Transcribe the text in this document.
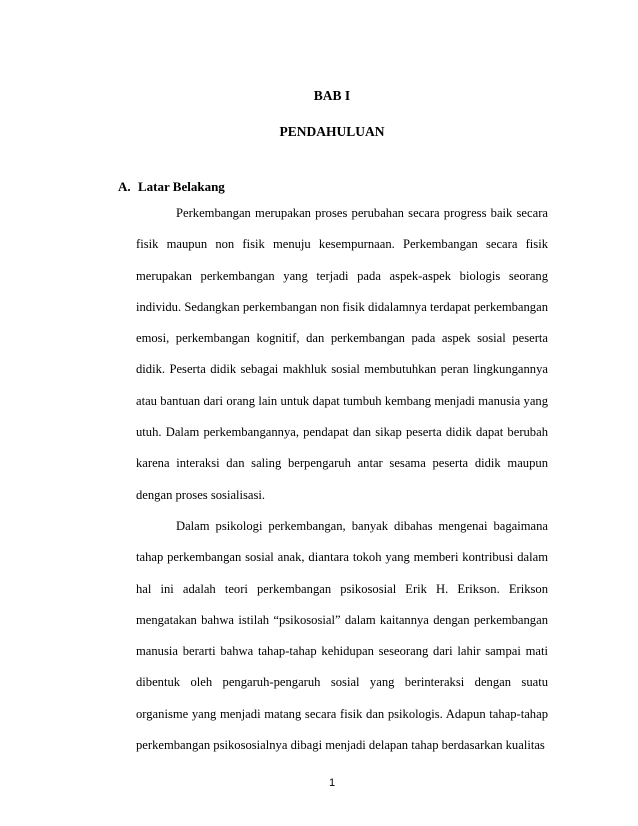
BAB I
PENDAHULUAN
A. Latar Belakang

Perkembangan merupakan proses perubahan secara progress baik secara fisik maupun non fisik menuju kesempurnaan. Perkembangan secara fisik merupakan perkembangan yang terjadi pada aspek-aspek biologis seorang individu. Sedangkan perkembangan non fisik didalamnya terdapat perkembangan emosi, perkembangan kognitif, dan perkembangan pada aspek sosial peserta didik. Peserta didik sebagai makhluk sosial membutuhkan peran lingkungannya atau bantuan dari orang lain untuk dapat tumbuh kembang menjadi manusia yang utuh. Dalam perkembangannya, pendapat dan sikap peserta didik dapat berubah karena interaksi dan saling berpengaruh antar sesama peserta didik maupun dengan proses sosialisasi.

Dalam psikologi perkembangan, banyak dibahas mengenai bagaimana tahap perkembangan sosial anak, diantara tokoh yang memberi kontribusi dalam hal ini adalah teori perkembangan psikososial Erik H. Erikson. Erikson mengatakan bahwa istilah “psikososial” dalam kaitannya dengan perkembangan manusia berarti bahwa tahap-tahap kehidupan seseorang dari lahir sampai mati dibentuk oleh pengaruh-pengaruh sosial yang berinteraksi dengan suatu organisme yang menjadi matang secara fisik dan psikologis. Adapun tahap-tahap perkembangan psikososialnya dibagi menjadi delapan tahap berdasarkan kualitas

1
